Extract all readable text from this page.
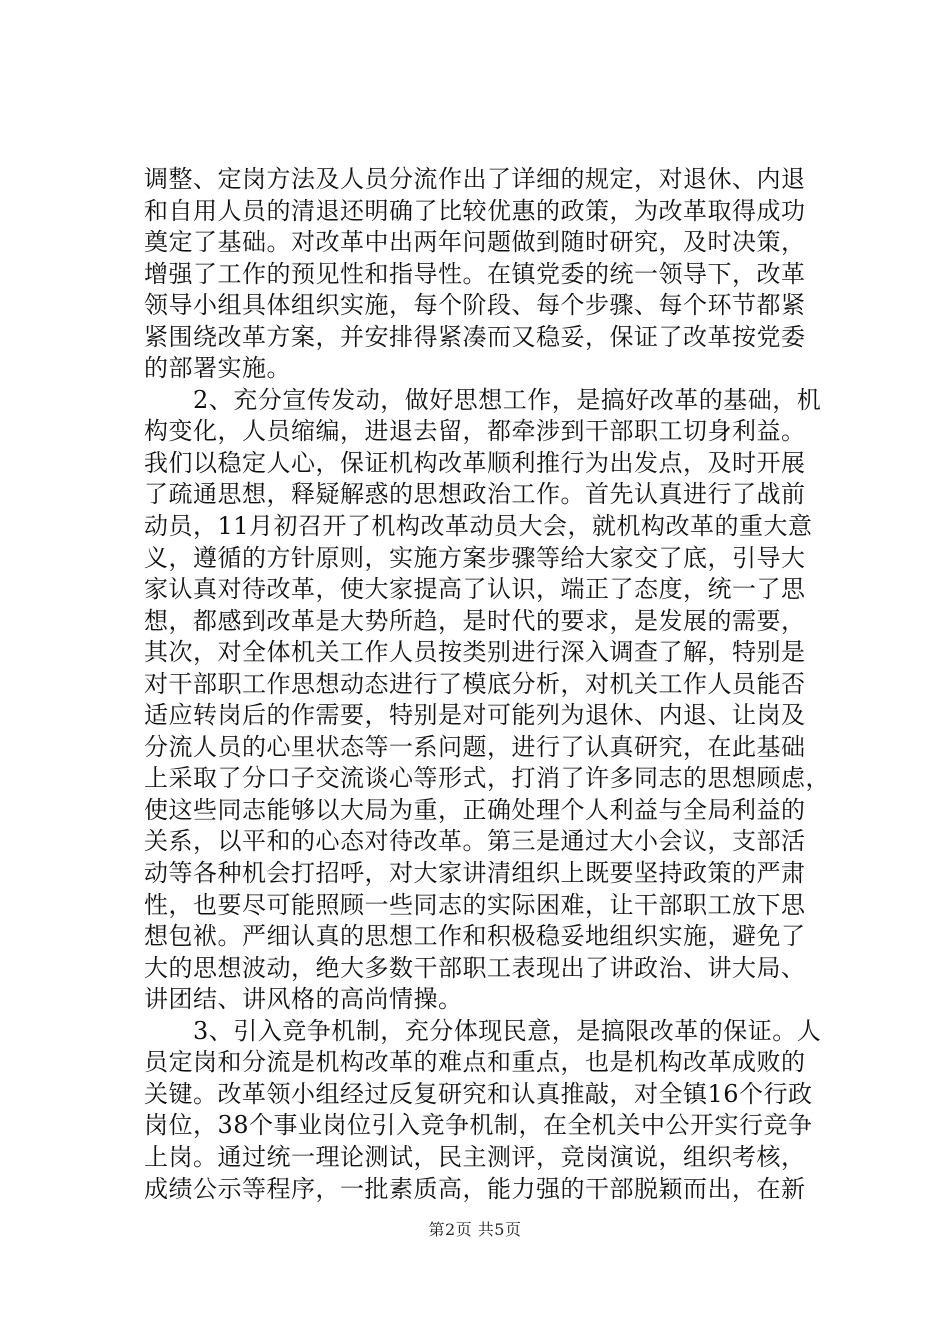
调整、定岗方法及人员分流作出了详细的规定，对退休、内退
和自用人员的清退还明确了比较优惠的政策，为改革取得成功
奠定了基础。对改革中出两年问题做到随时研究，及时决策，
增强了工作的预见性和指导性。在镇党委的统一领导下，改革
领导小组具体组织实施，每个阶段、每个步骤、每个环节都紧
紧围绕改革方案，并安排得紧凑而又稳妥，保证了改革按党委
的部署实施。
　　2、充分宣传发动，做好思想工作，是搞好改革的基础，机
构变化，人员缩编，进退去留，都牵涉到干部职工切身利益。
我们以稳定人心，保证机构改革顺利推行为出发点，及时开展
了疏通思想，释疑解惑的思想政治工作。首先认真进行了战前
动员，11月初召开了机构改革动员大会，就机构改革的重大意
义，遵循的方针原则，实施方案步骤等给大家交了底，引导大
家认真对待改革，使大家提高了认识，端正了态度，统一了思
想，都感到改革是大势所趋，是时代的要求，是发展的需要，
其次，对全体机关工作人员按类别进行深入调查了解，特别是
对干部职工作思想动态进行了模底分析，对机关工作人员能否
适应转岗后的作需要，特别是对可能列为退休、内退、让岗及
分流人员的心里状态等一系问题，进行了认真研究，在此基础
上采取了分口子交流谈心等形式，打消了许多同志的思想顾虑，
使这些同志能够以大局为重，正确处理个人利益与全局利益的
关系，以平和的心态对待改革。第三是通过大小会议，支部活
动等各种机会打招呼，对大家讲清组织上既要坚持政策的严肃
性，也要尽可能照顾一些同志的实际困难，让干部职工放下思
想包袱。严细认真的思想工作和积极稳妥地组织实施，避免了
大的思想波动，绝大多数干部职工表现出了讲政治、讲大局、
讲团结、讲风格的高尚情操。
　　3、引入竞争机制，充分体现民意，是搞限改革的保证。人
员定岗和分流是机构改革的难点和重点，也是机构改革成败的
关键。改革领小组经过反复研究和认真推敲，对全镇16个行政
岗位，38个事业岗位引入竞争机制，在全机关中公开实行竞争
上岗。通过统一理论测试，民主测评，竞岗演说，组织考核，
成绩公示等程序，一批素质高，能力强的干部脱颖而出，在新
第2页 共5页
